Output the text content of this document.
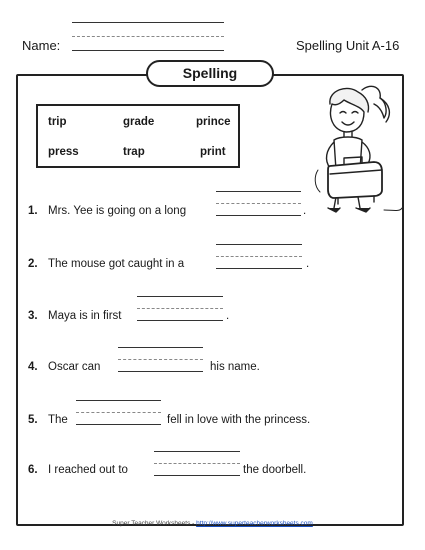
Name:	Spelling Unit A-16
Spelling
trip	grade	prince
press	trap	print
1. Mrs. Yee is going on a long	.
2. The mouse got caught in a	.
3. Maya is in first	.
4. Oscar can	his name.
5. The	fell in love with the princess.
6. I reached out to	the doorbell.
Super Teacher Worksheets - http://www.superteacherworksheets.com
